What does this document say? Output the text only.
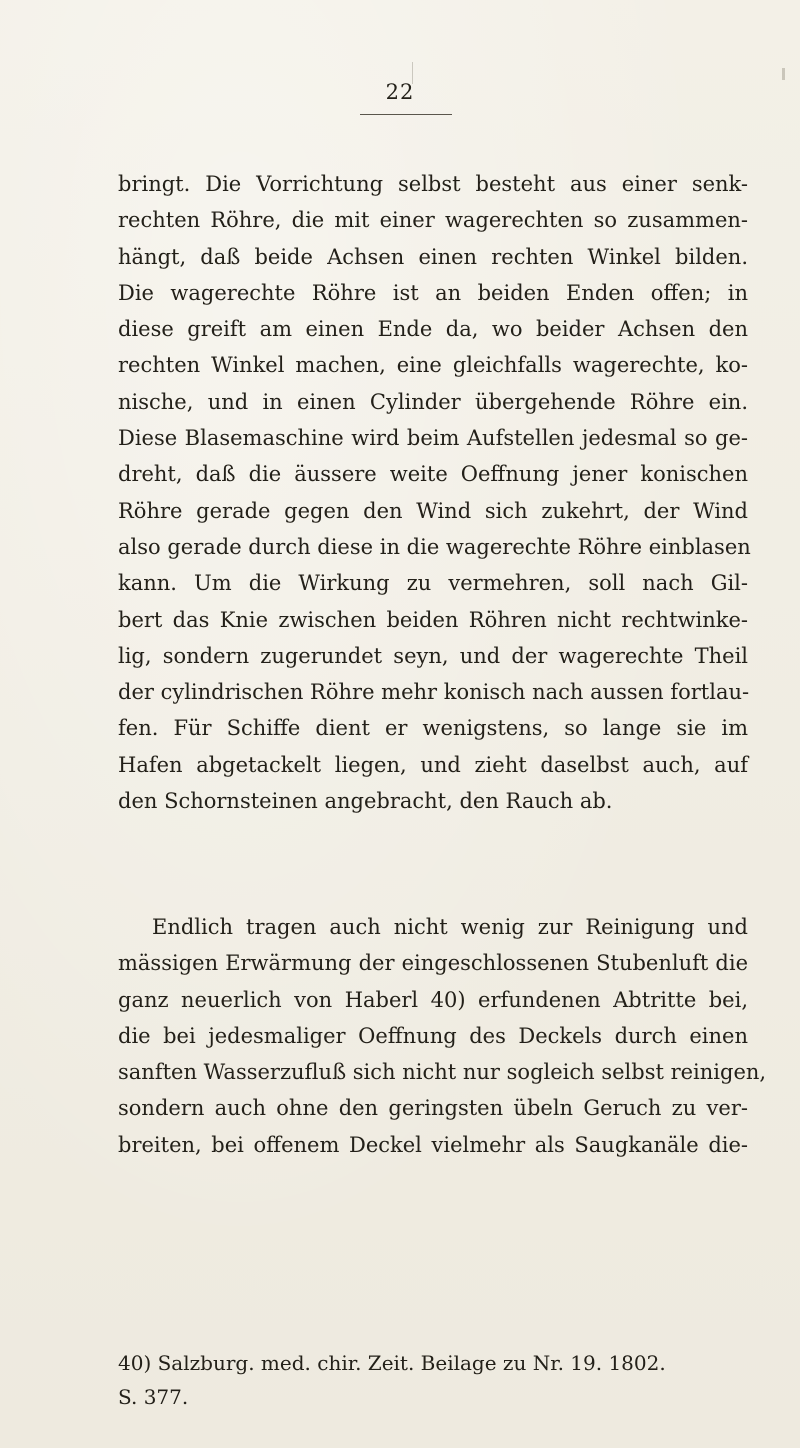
22
bringt. Die Vorrichtung selbst besteht aus einer senk-
rechten Röhre, die mit einer wagerechten so zusammen-
hängt, daß beide Achsen einen rechten Winkel bilden.
Die wagerechte Röhre ist an beiden Enden offen; in
diese greift am einen Ende da, wo beider Achsen den
rechten Winkel machen, eine gleichfalls wagerechte, ko-
nische, und in einen Cylinder übergehende Röhre ein.
Diese Blasemaschine wird beim Aufstellen jedesmal so ge-
dreht, daß die äussere weite Oeffnung jener konischen
Röhre gerade gegen den Wind sich zukehrt, der Wind
also gerade durch diese in die wagerechte Röhre einblasen
kann. Um die Wirkung zu vermehren, soll nach Gil-
bert das Knie zwischen beiden Röhren nicht rechtwinke-
lig, sondern zugerundet seyn, und der wagerechte Theil
der cylindrischen Röhre mehr konisch nach aussen fortlau-
fen. Für Schiffe dient er wenigstens, so lange sie im
Hafen abgetackelt liegen, und zieht daselbst auch, auf
den Schornsteinen angebracht, den Rauch ab.
Endlich tragen auch nicht wenig zur Reinigung und
mässigen Erwärmung der eingeschlossenen Stubenluft die
ganz neuerlich von Haberl 40) erfundenen Abtritte bei,
die bei jedesmaliger Oeffnung des Deckels durch einen
sanften Wasserzufluß sich nicht nur sogleich selbst reinigen,
sondern auch ohne den geringsten übeln Geruch zu ver-
breiten, bei offenem Deckel vielmehr als Saugkanäle die-
40) Salzburg. med. chir. Zeit. Beilage zu Nr. 19. 1802.
S. 377.
